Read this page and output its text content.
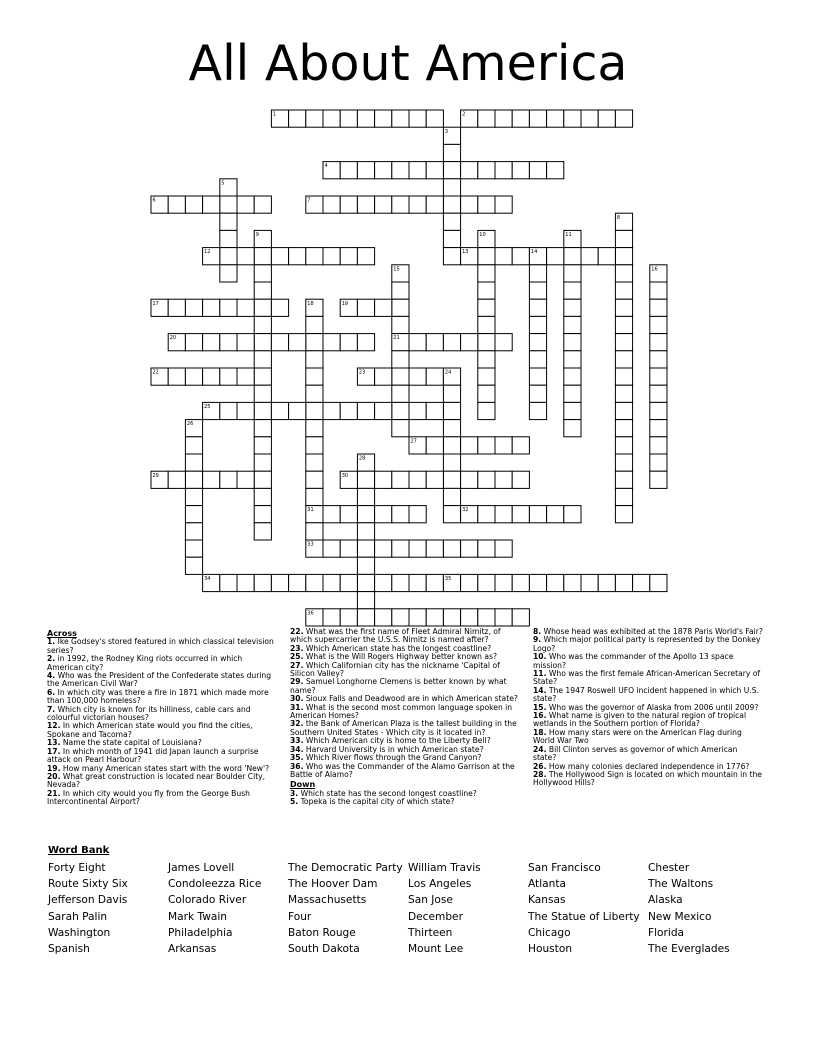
All About America
1	2
3
4
5
6	7
8
9	10	11
12	13	14
15
21
16
17	18
31
19
20
22	23	24
25
26
27
28
29	30
32
33
34	35
36
Across
1. Ike Godsey's stored featured in which classical television series?
2. in 1992, the Rodney King riots occurred in which American city?
4. Who was the President of the Confederate states during the American Civil War?
6. In which city was there a fire in 1871 which made more than 100,000 homeless?
7. Which city is known for its hilliness, cable cars and colourful victorian houses?
12. In which American state would you find the cities, Spokane and Tacoma?
13. Name the state capital of Louisiana?
17. In which month of 1941 did Japan launch a surprise attack on Pearl Harbour?
19. How many American states start with the word 'New'?
20. What great construction is located near Boulder City, Nevada?
21. In which city would you fly from the George Bush Intercontinental Airport?
22. What was the first name of Fleet Admiral Nimitz, of which supercarrier the U.S.S. Nimitz is named after?
23. Which American state has the longest coastline?
25. What is the Will Rogers Highway better known as?
27. Which Californian city has the nickname 'Capital of Silicon Valley?
29. Samuel Longhorne Clemens is better known by what name?
30. Sioux Falls and Deadwood are in which American state?
31. What is the second most common language spoken in American Homes?
32. the Bank of American Plaza is the tallest building in the Southern United States - Which city is it located in?
33. Which American city is home to the Liberty Bell?
34. Harvard University is in which American state?
35. Which River flows through the Grand Canyon?
36. Who was the Commander of the Alamo Garrison at the Battle of Alamo?
Down
3. Which state has the second longest coastline?
5. Topeka is the capital city of which state?
8. Whose head was exhibited at the 1878 Paris World's Fair?
9. Which major political party is represented by the Donkey Logo?
10. Who was the commander of the Apollo 13 space mission?
11. Who was the first female African-American Secretary of State?
14. The 1947 Roswell UFO incident happened in which U.S. state?
15. Who was the governor of Alaska from 2006 until 2009?
16. What name is given to the natural region of tropical wetlands in the Southern portion of Florida?
18. How many stars were on the American Flag during World War Two
24. Bill Clinton serves as governor of which American state?
26. How many colonies declared independence in 1776?
28. The Hollywood Sign is located on which mountain in the Hollywood Hills?
Word Bank
Forty Eight
Route Sixty Six
Jefferson Davis
Sarah Palin
Washington
Spanish
James Lovell
Condoleezza Rice
Colorado River
Mark Twain
Philadelphia
Arkansas
The Democratic Party
The Hoover Dam
Massachusetts
Four
Baton Rouge
South Dakota
William Travis
Los Angeles
San Jose
December
Thirteen
Mount Lee
San Francisco
Atlanta
Kansas
The Statue of Liberty
Chicago
Houston
Chester
The Waltons
Alaska
New Mexico
Florida
The Everglades
